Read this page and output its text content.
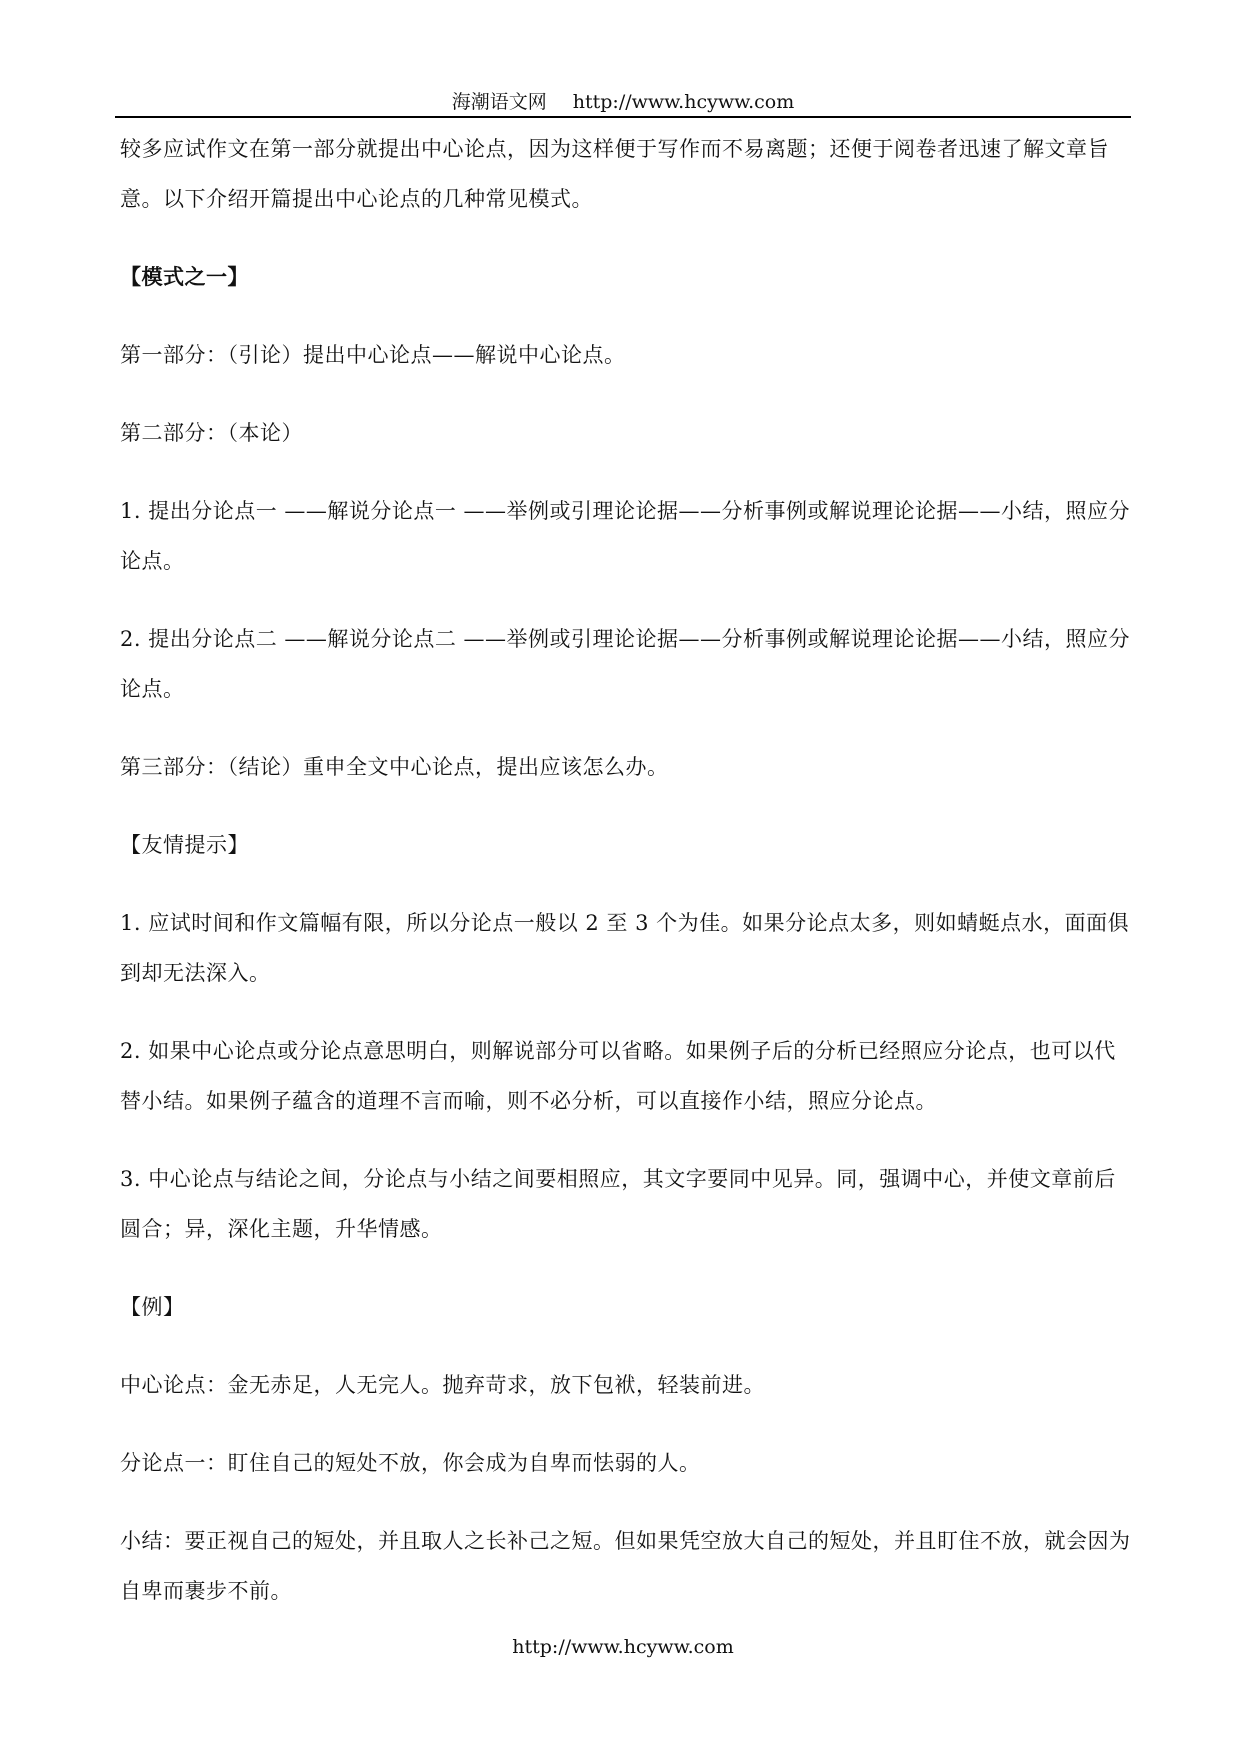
海潮语文网 http://www.hcyww.com

较多应试作文在第一部分就提出中心论点，因为这样便于写作而不易离题；还便于阅卷者迅速了解文章旨意。以下介绍开篇提出中心论点的几种常见模式。

【模式之一】

第一部分：（引论）提出中心论点——解说中心论点。

第二部分：（本论）

1. 提出分论点一 ——解说分论点一 ——举例或引理论论据——分析事例或解说理论论据——小结，照应分论点。

2. 提出分论点二 ——解说分论点二 ——举例或引理论论据——分析事例或解说理论论据——小结，照应分论点。

第三部分：（结论）重申全文中心论点，提出应该怎么办。

【友情提示】

1. 应试时间和作文篇幅有限，所以分论点一般以 2 至 3 个为佳。如果分论点太多，则如蜻蜓点水，面面俱到却无法深入。

2. 如果中心论点或分论点意思明白，则解说部分可以省略。如果例子后的分析已经照应分论点，也可以代替小结。如果例子蕴含的道理不言而喻，则不必分析，可以直接作小结，照应分论点。

3. 中心论点与结论之间，分论点与小结之间要相照应，其文字要同中见异。同，强调中心，并使文章前后圆合；异，深化主题，升华情感。

【例】

中心论点：金无赤足，人无完人。抛弃苛求，放下包袱，轻装前进。

分论点一：盯住自己的短处不放，你会成为自卑而怯弱的人。

小结：要正视自己的短处，并且取人之长补己之短。但如果凭空放大自己的短处，并且盯住不放，就会因为自卑而裹步不前。

http://www.hcyww.com
